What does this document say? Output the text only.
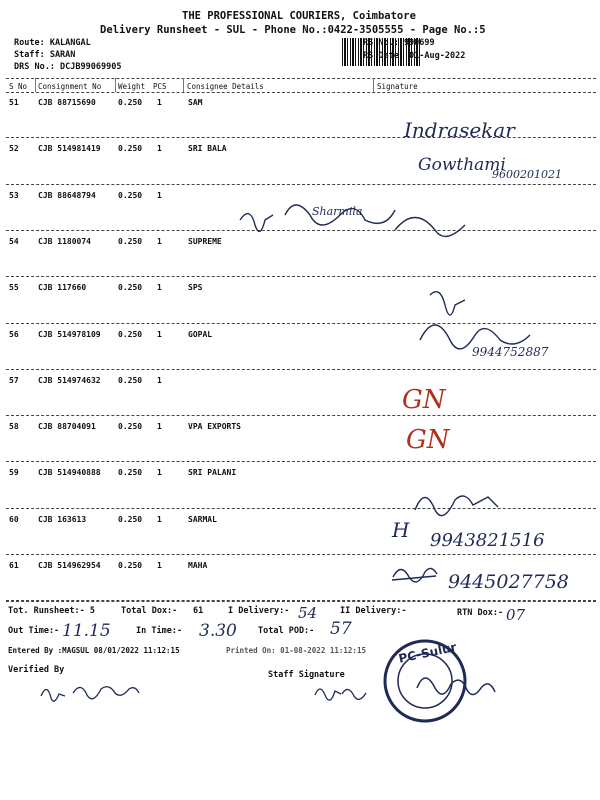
THE PROFESSIONAL COURIERS, Coimbatore
Delivery Runsheet - SUL - Phone No.:0422-3505555 - Page No.:5
Route: KALANGAL
Staff: SARAN
DRS No.: DCJB99069905
RS No.: 990699
RS Date: 01-Aug-2022
S No Consignment No Weight PCS	Consignee Details	Signature
51 CJB 88715690	0.250 1	SAM
52 CJB 514981419 0.250 1	SRI BALA
53 CJB 88648794	0.250 1
54 CJB 1180074	0.250 1	SUPREME
55 CJB 117660	0.250 1	SPS
56 CJB 514978109 0.250 1	GOPAL
57 CJB 514974632 0.250 1
58 CJB 88704091	0.250 1	VPA EXPORTS
59 CJB 514940888 0.250 1	SRI PALANI
60 CJB 163613	0.250 1	SARMAL
61 CJB 514962954 0.250 1	MAHA
Indrasekar
Gowthami
9600201021
Sharmila
9944752887
GN
GN
H 9943821516
9445027758
Tot. Runsheet:- 5	Total Dox:- 61	I Delivery:- 54	II Delivery:-	RTN Dox:- 07
Out Time:- 11.15	In Time:- 3.30 Total POD:- 57
Entered By :MAGSUL 08/01/2022 11:12:15	Printed On: 01-08-2022 11:12:15
Verified By	Staff Signature
PC-Sulur
